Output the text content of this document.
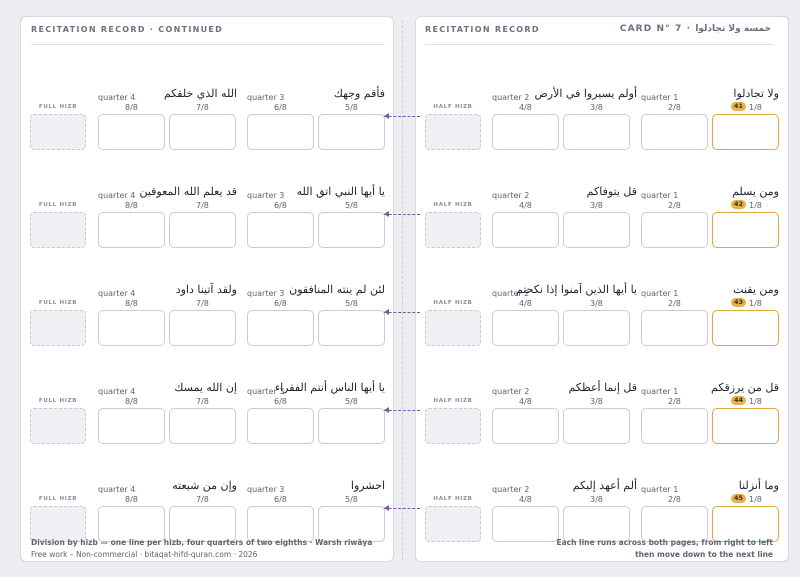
RECITATION RECORD · CONTINUED
FULL HIZB
quarter 4	الله الذي خلقكم
8/8	7/8
quarter 3	فأقم وجهك
6/8	5/8
FULL HIZB
quarter 4 قد يعلم الله المعوقين
8/8	7/8
quarter 3 يا أيها النبي اتق الله
6/8	5/8
FULL HIZB
quarter 4	ولقد آتينا داود
8/8	7/8
quarter 3 لئن لم ينته المنافقون
6/8	5/8
FULL HIZB
quarter 4	إن الله يمسك
8/8	7/8
quarter 3
يا أيها الناس أنتم الفقراء
6/8	5/8
FULL HIZB
quarter 4	وإن من شيعته
8/8	7/8
quarter 3	احشروا
6/8	5/8
Division by hizb — one line per hizb, four quarters of two eighths · Warsh riwāya
Free work – Non-commercial · bitaqat-hifd-quran.com · 2026
RECITATION RECORD	CARD N° 7 · خمسة ولا تجادلوا
HALF HIZB
quarter 2 أولم يسيروا في الأرض
4/8	3/8
quarter 1	ولا تجادلوا
2/8	41 1/8
HALF HIZB
quarter 2	قل يتوفاكم
4/8	3/8
quarter 1	ومن يسلم
2/8	42 1/8
HALF HIZB
quarter 2
يا أيها الذين آمنوا إذا نكحتم
4/8	3/8
quarter 1	ومن يقنت
2/8	43 1/8
HALF HIZB
quarter 2	قل إنما أعظكم
4/8	3/8
quarter 1	قل من يرزقكم
2/8	44 1/8
HALF HIZB
quarter 2	ألم أعهد إليكم
4/8	3/8
quarter 1	وما أنزلنا
2/8	45 1/8
Each line runs across both pages, from right to left
then move down to the next line
